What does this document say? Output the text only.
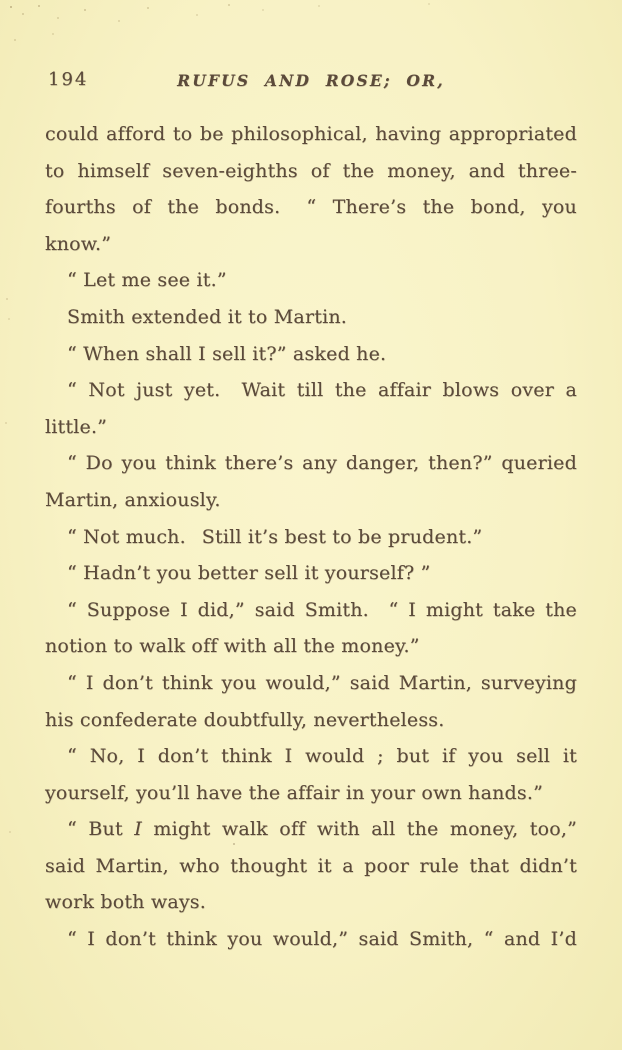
194	RUFUS AND ROSE; OR,
could afford to be philosophical, having appropriated
to himself seven-eighths of the money, and three-
fourths of the bonds.  “ There’s the bond, you
know.”
“ Let me see it.”
Smith extended it to Martin.
“ When shall I sell it?” asked he.
“ Not just yet.  Wait till the affair blows over a
little.”
“ Do you think there’s any danger, then?” queried
Martin, anxiously.
“ Not much.  Still it’s best to be prudent.”
“ Hadn’t you better sell it yourself? ”
“ Suppose I did,” said Smith.  “ I might take the
notion to walk off with all the money.”
“ I don’t think you would,” said Martin, surveying
his confederate doubtfully, nevertheless.
“ No, I don’t think I would ; but if you sell it
yourself, you’ll have the affair in your own hands.”
“ But I might walk off with all the money, too,”
said Martin, who thought it a poor rule that didn’t
work both ways.
“ I don’t think you would,” said Smith, “ and I’d
